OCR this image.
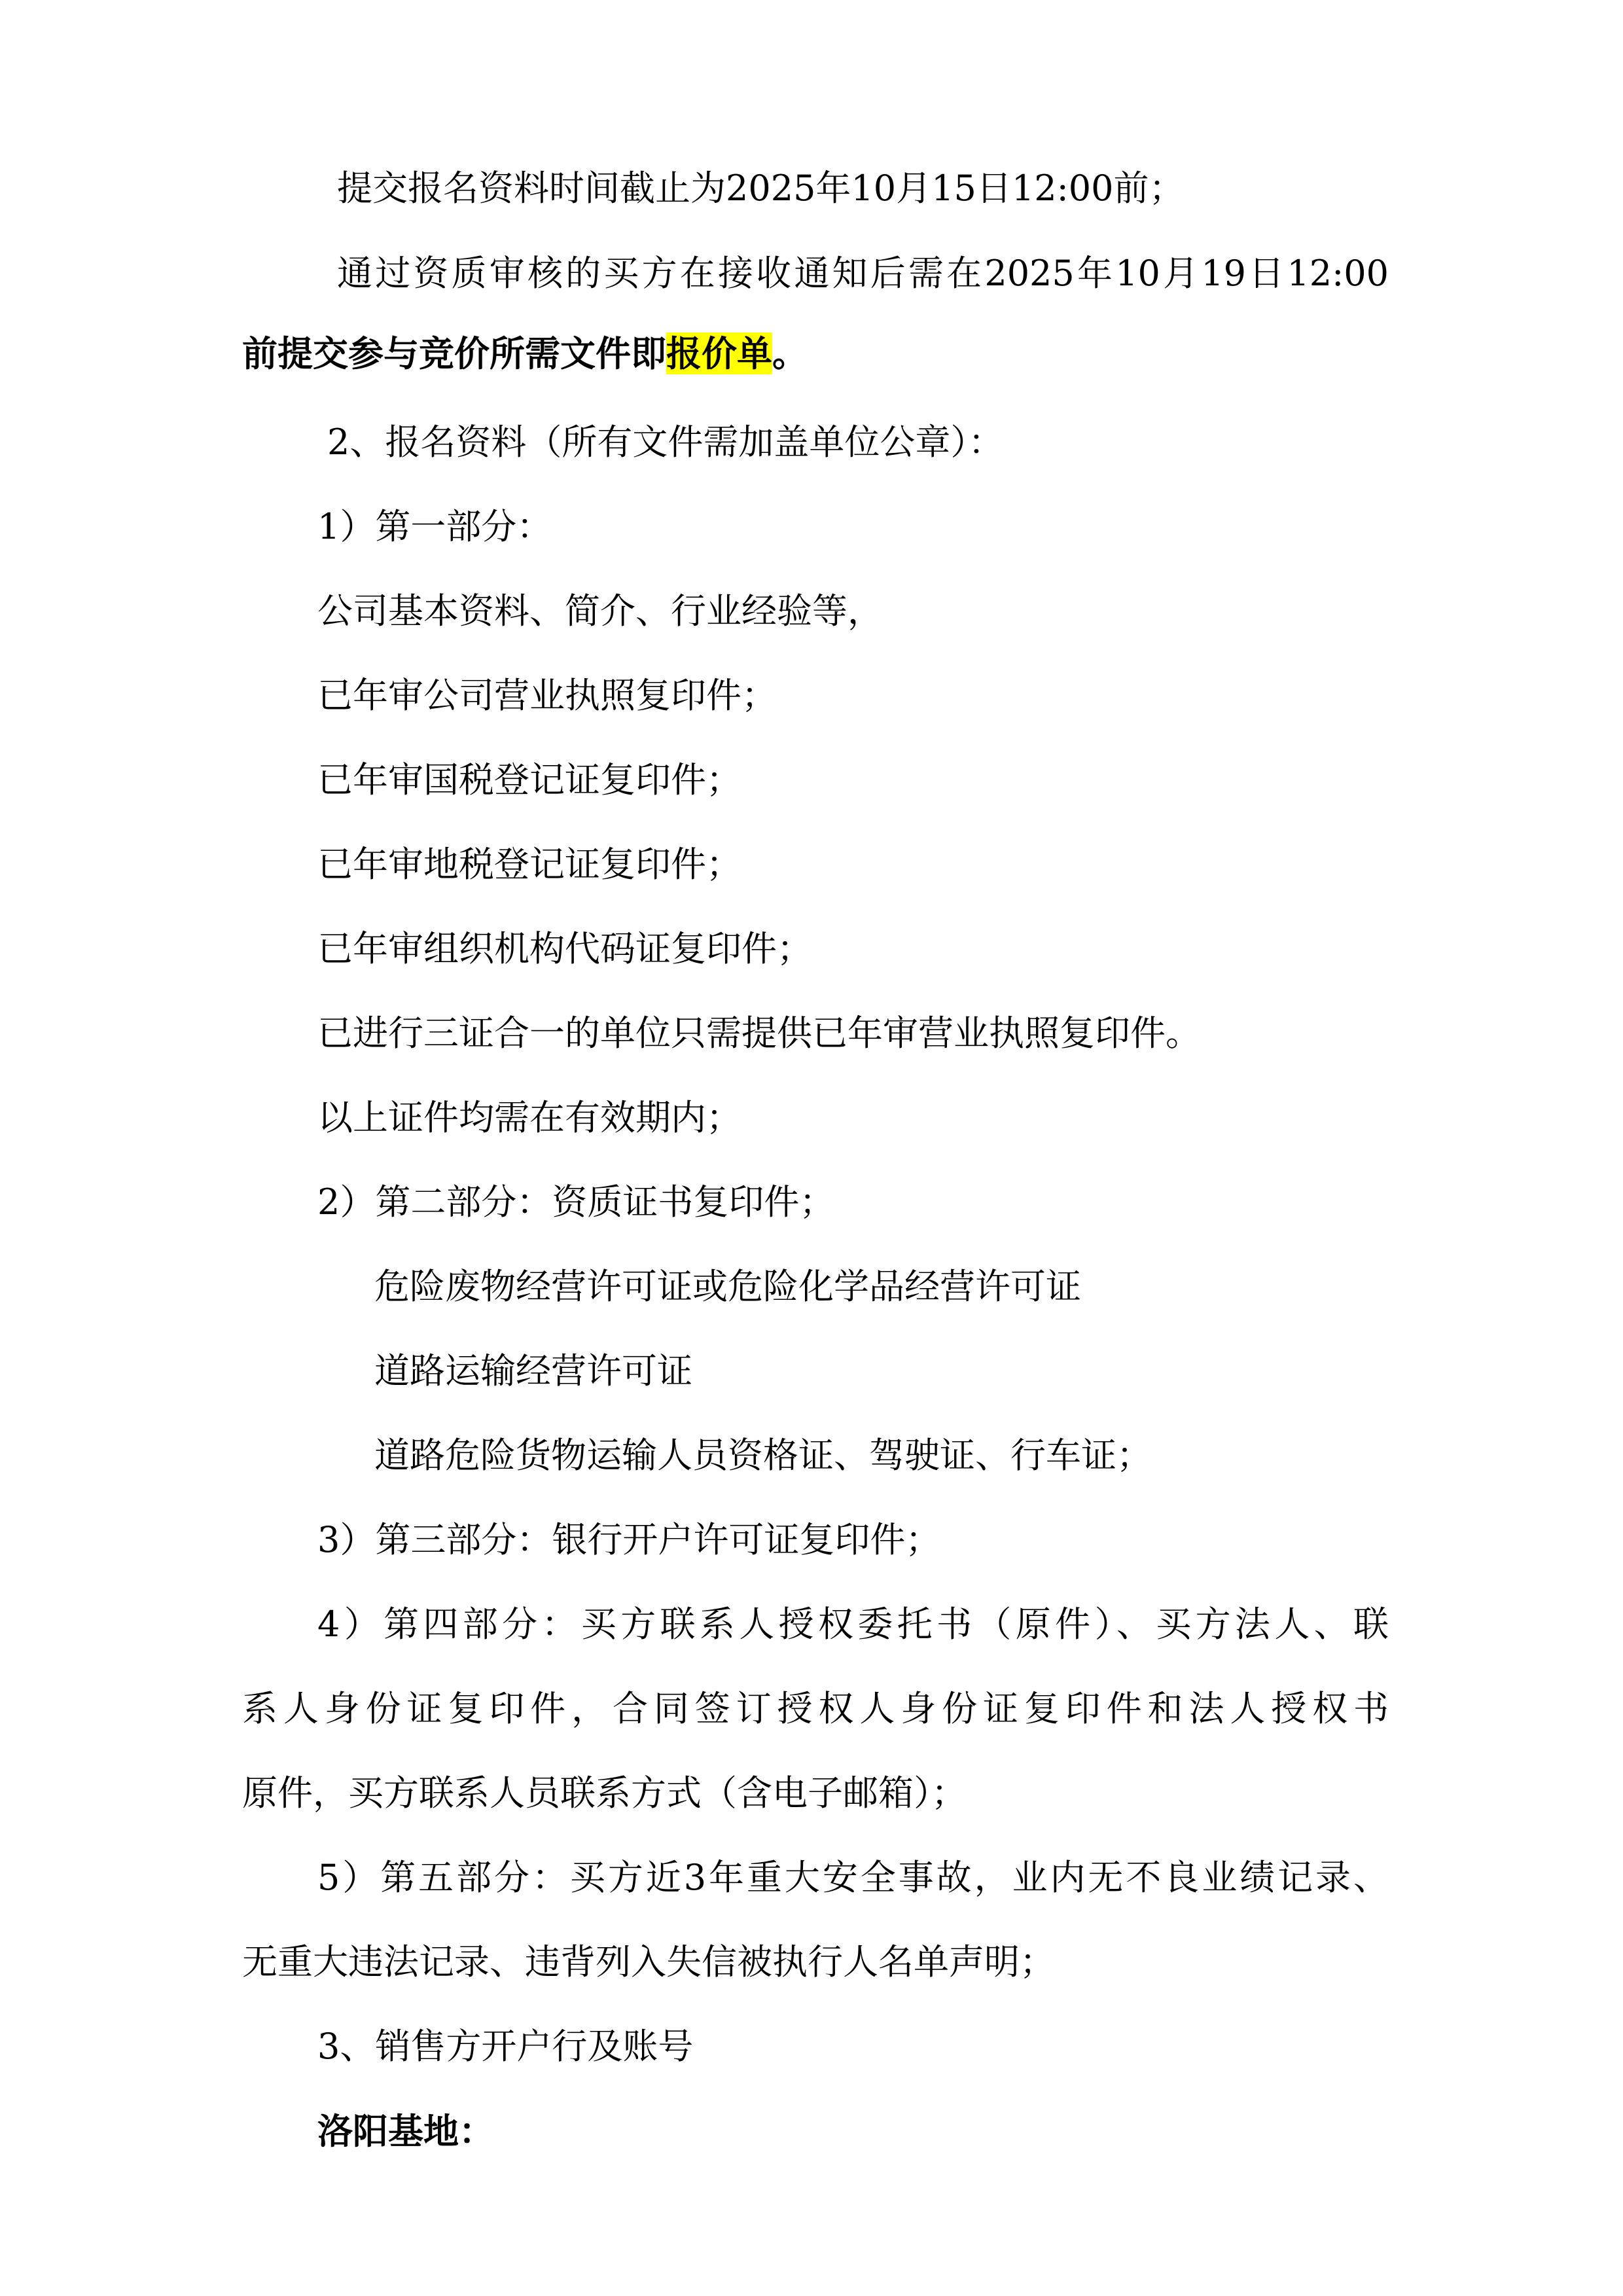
提交报名资料时间截止为2025年10月15日12:00前；
通过资质审核的买方在接收通知后需在2025年10月19日12:00
前提交参与竞价所需文件即报价单。
2、报名资料（所有文件需加盖单位公章）：
1）第一部分：
公司基本资料、简介、行业经验等，
已年审公司营业执照复印件；
已年审国税登记证复印件；
已年审地税登记证复印件；
已年审组织机构代码证复印件；
已进行三证合一的单位只需提供已年审营业执照复印件。
以上证件均需在有效期内；
2）第二部分：资质证书复印件；
危险废物经营许可证或危险化学品经营许可证
道路运输经营许可证
道路危险货物运输人员资格证、驾驶证、行车证；
3）第三部分：银行开户许可证复印件；
4）第四部分：买方联系人授权委托书（原件）、买方法人、联
系人身份证复印件，合同签订授权人身份证复印件和法人授权书
原件，买方联系人员联系方式（含电子邮箱）；
5）第五部分：买方近3年重大安全事故，业内无不良业绩记录、
无重大违法记录、违背列入失信被执行人名单声明；
3、销售方开户行及账号
洛阳基地：
